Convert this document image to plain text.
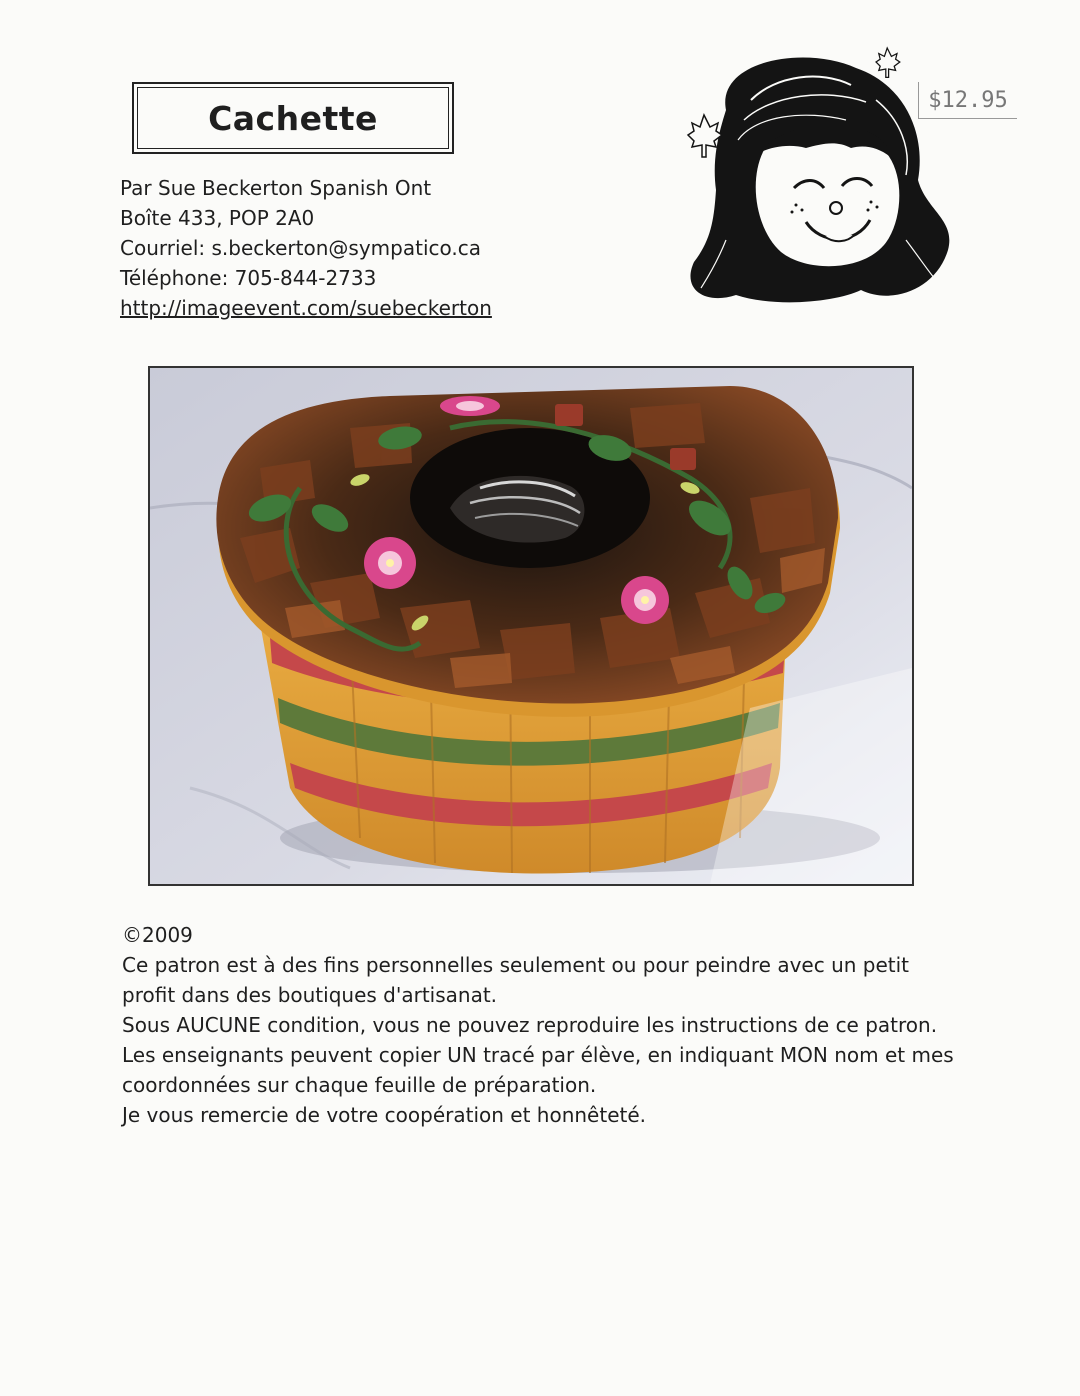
Cachette
Par Sue Beckerton Spanish Ont
Boîte 433, POP 2A0
Courriel: s.beckerton@sympatico.ca
Téléphone: 705-844-2733
http://imageevent.com/suebeckerton
$12.95
©2009
Ce patron est à des fins personnelles seulement ou pour peindre avec un petit
profit dans des boutiques d'artisanat.
Sous AUCUNE condition, vous ne pouvez reproduire les instructions de ce patron.
Les enseignants peuvent copier UN tracé par élève, en indiquant MON nom et mes
coordonnées sur chaque feuille de préparation.
Je vous remercie de votre coopération et honnêteté.
